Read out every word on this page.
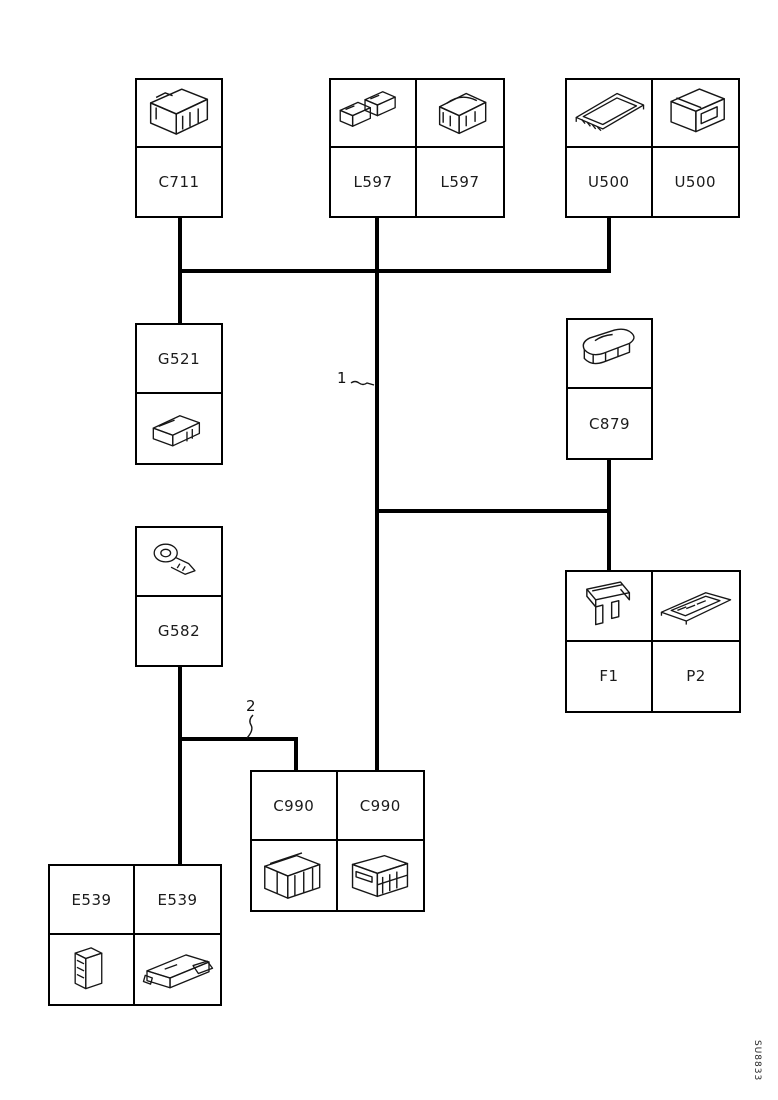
1
2
C711	L597	L597	U500	U500
G521
C879
G582
F1	P2
C990	C990
E539	E539
SU8833
